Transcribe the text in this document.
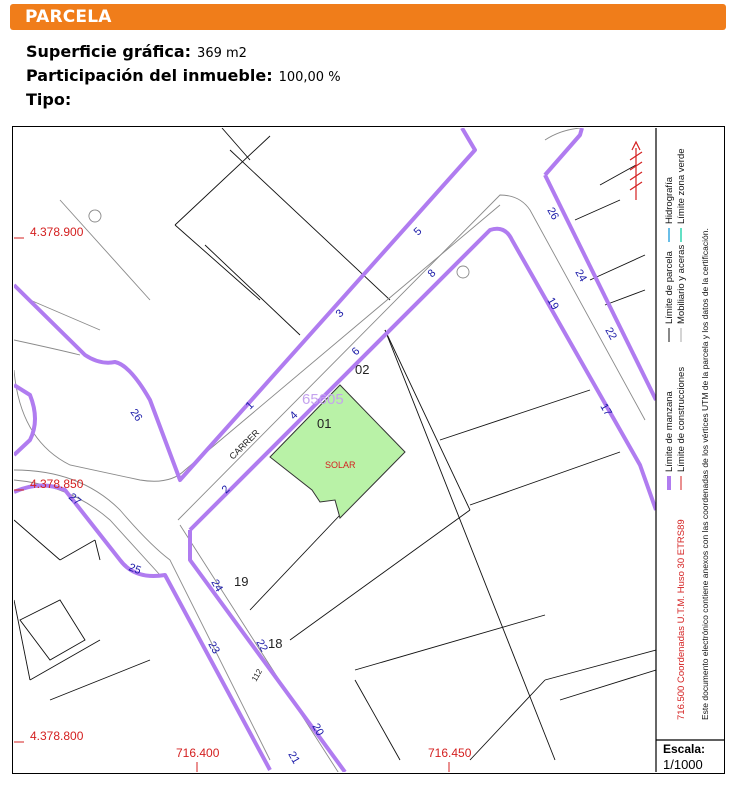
PARCELA
Superficie gráfica: 369 m2
Participación del inmueble: 100,00 %
Tipo:
4.378.900
4.378.850
4.378.800
716.400	716.450
65605
01
SOLAR
CARRER
02
19
18
112
5
3
1
26
8
6
4
2
26
24
22
19
17
27
25
24
22
23
20
21
Límite de manzana
Límite de parcela
Hidrografía
Límite de construcciones
Mobiliario y aceras
Límite zona verde
716.500 Coordenadas U.T.M. Huso 30 ETRS89 Este documento electrónico contiene anexos con las coordenadas de los vértices UTM de la parcela y los datos de la certificación.
Escala:
1/1000
